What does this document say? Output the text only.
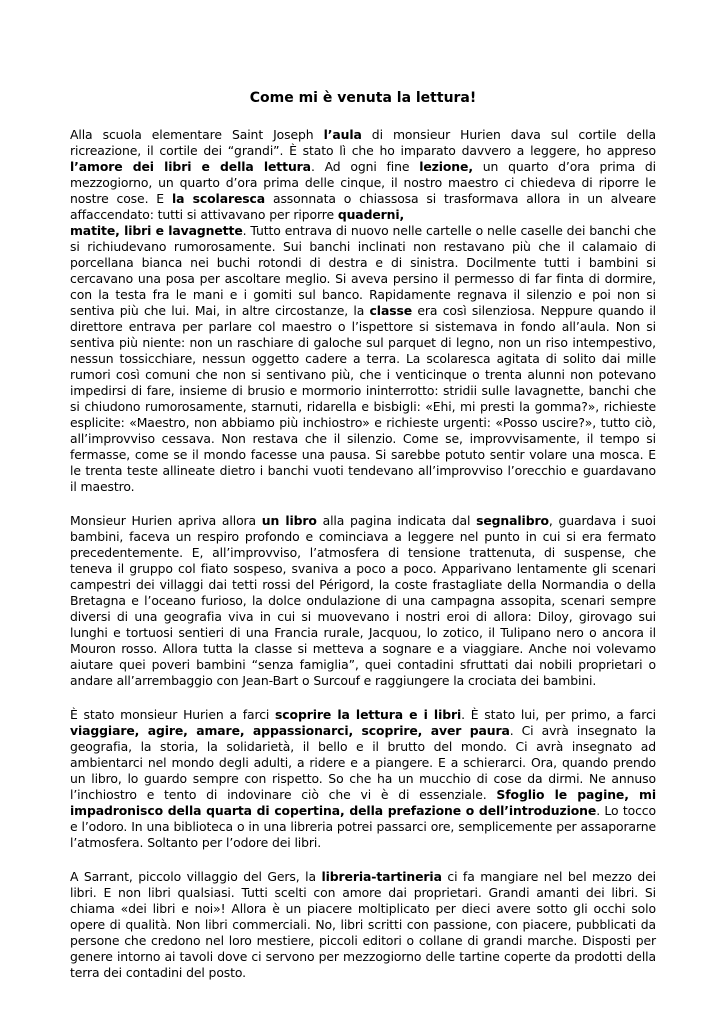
Come mi è venuta la lettura!

Alla scuola elementare Saint Joseph l’aula di monsieur Hurien dava sul cortile della ricreazione, il cortile dei “grandi”. È stato lì che ho imparato davvero a leggere, ho appreso l’amore dei libri e della lettura. Ad ogni fine lezione, un quarto d’ora prima di mezzogiorno, un quarto d’ora prima delle cinque, il nostro maestro ci chiedeva di riporre le nostre cose. E la scolaresca assonnata o chiassosa si trasformava allora in un alveare affaccendato: tutti si attivavano per riporre quaderni,
matite, libri e lavagnette. Tutto entrava di nuovo nelle cartelle o nelle caselle dei banchi che si richiudevano rumorosamente. Sui banchi inclinati non restavano più che il calamaio di porcellana bianca nei buchi rotondi di destra e di sinistra. Docilmente tutti i bambini si cercavano una posa per ascoltare meglio. Si aveva persino il permesso di far finta di dormire, con la testa fra le mani e i gomiti sul banco. Rapidamente regnava il silenzio e poi non si sentiva più che lui. Mai, in altre circostanze, la classe era così silenziosa. Neppure quando il direttore entrava per parlare col maestro o l’ispettore si sistemava in fondo all’aula. Non si sentiva più niente: non un raschiare di galoche sul parquet di legno, non un riso intempestivo, nessun tossicchiare, nessun oggetto cadere a terra. La scolaresca agitata di solito dai mille rumori così comuni che non si sentivano più, che i venticinque o trenta alunni non potevano impedirsi di fare, insieme di brusio e mormorio ininterrotto: stridii sulle lavagnette, banchi che si chiudono rumorosamente, starnuti, ridarella e bisbigli: «Ehi, mi presti la gomma?», richieste esplicite: «Maestro, non abbiamo più inchiostro» e richieste urgenti: «Posso uscire?», tutto ciò, all’improvviso cessava. Non restava che il silenzio. Come se, improvvisamente, il tempo si fermasse, come se il mondo facesse una pausa. Si sarebbe potuto sentir volare una mosca. E le trenta teste allineate dietro i banchi vuoti tendevano all’improvviso l’orecchio e guardavano il maestro.

Monsieur Hurien apriva allora un libro alla pagina indicata dal segnalibro, guardava i suoi bambini, faceva un respiro profondo e cominciava a leggere nel punto in cui si era fermato precedentemente. E, all’improvviso, l’atmosfera di tensione trattenuta, di suspense, che teneva il gruppo col fiato sospeso, svaniva a poco a poco. Apparivano lentamente gli scenari campestri dei villaggi dai tetti rossi del Périgord, la coste frastagliate della Normandia o della Bretagna e l’oceano furioso, la dolce ondulazione di una campagna assopita, scenari sempre diversi di una geografia viva in cui si muovevano i nostri eroi di allora: Diloy, girovago sui lunghi e tortuosi sentieri di una Francia rurale, Jacquou, lo zotico, il Tulipano nero o ancora il Mouron rosso. Allora tutta la classe si metteva a sognare e a viaggiare. Anche noi volevamo aiutare quei poveri bambini “senza famiglia”, quei contadini sfruttati dai nobili proprietari o andare all’arrembaggio con Jean-Bart o Surcouf e raggiungere la crociata dei bambini.

È stato monsieur Hurien a farci scoprire la lettura e i libri. È stato lui, per primo, a farci viaggiare, agire, amare, appassionarci, scoprire, aver paura. Ci avrà insegnato la geografia, la storia, la solidarietà, il bello e il brutto del mondo. Ci avrà insegnato ad ambientarci nel mondo degli adulti, a ridere e a piangere. E a schierarci. Ora, quando prendo un libro, lo guardo sempre con rispetto. So che ha un mucchio di cose da dirmi. Ne annuso l’inchiostro e tento di indovinare ciò che vi è di essenziale. Sfoglio le pagine, mi impadronisco della quarta di copertina, della prefazione o dell’introduzione. Lo tocco e l’odoro. In una biblioteca o in una libreria potrei passarci ore, semplicemente per assaporarne l’atmosfera. Soltanto per l’odore dei libri.

A Sarrant, piccolo villaggio del Gers, la libreria-tartineria ci fa mangiare nel bel mezzo dei libri. E non libri qualsiasi. Tutti scelti con amore dai proprietari. Grandi amanti dei libri. Si chiama «dei libri e noi»! Allora è un piacere moltiplicato per dieci avere sotto gli occhi solo opere di qualità. Non libri commerciali. No, libri scritti con passione, con piacere, pubblicati da persone che credono nel loro mestiere, piccoli editori o collane di grandi marche. Disposti per genere intorno ai tavoli dove ci servono per mezzogiorno delle tartine coperte da prodotti della terra dei contadini del posto.
